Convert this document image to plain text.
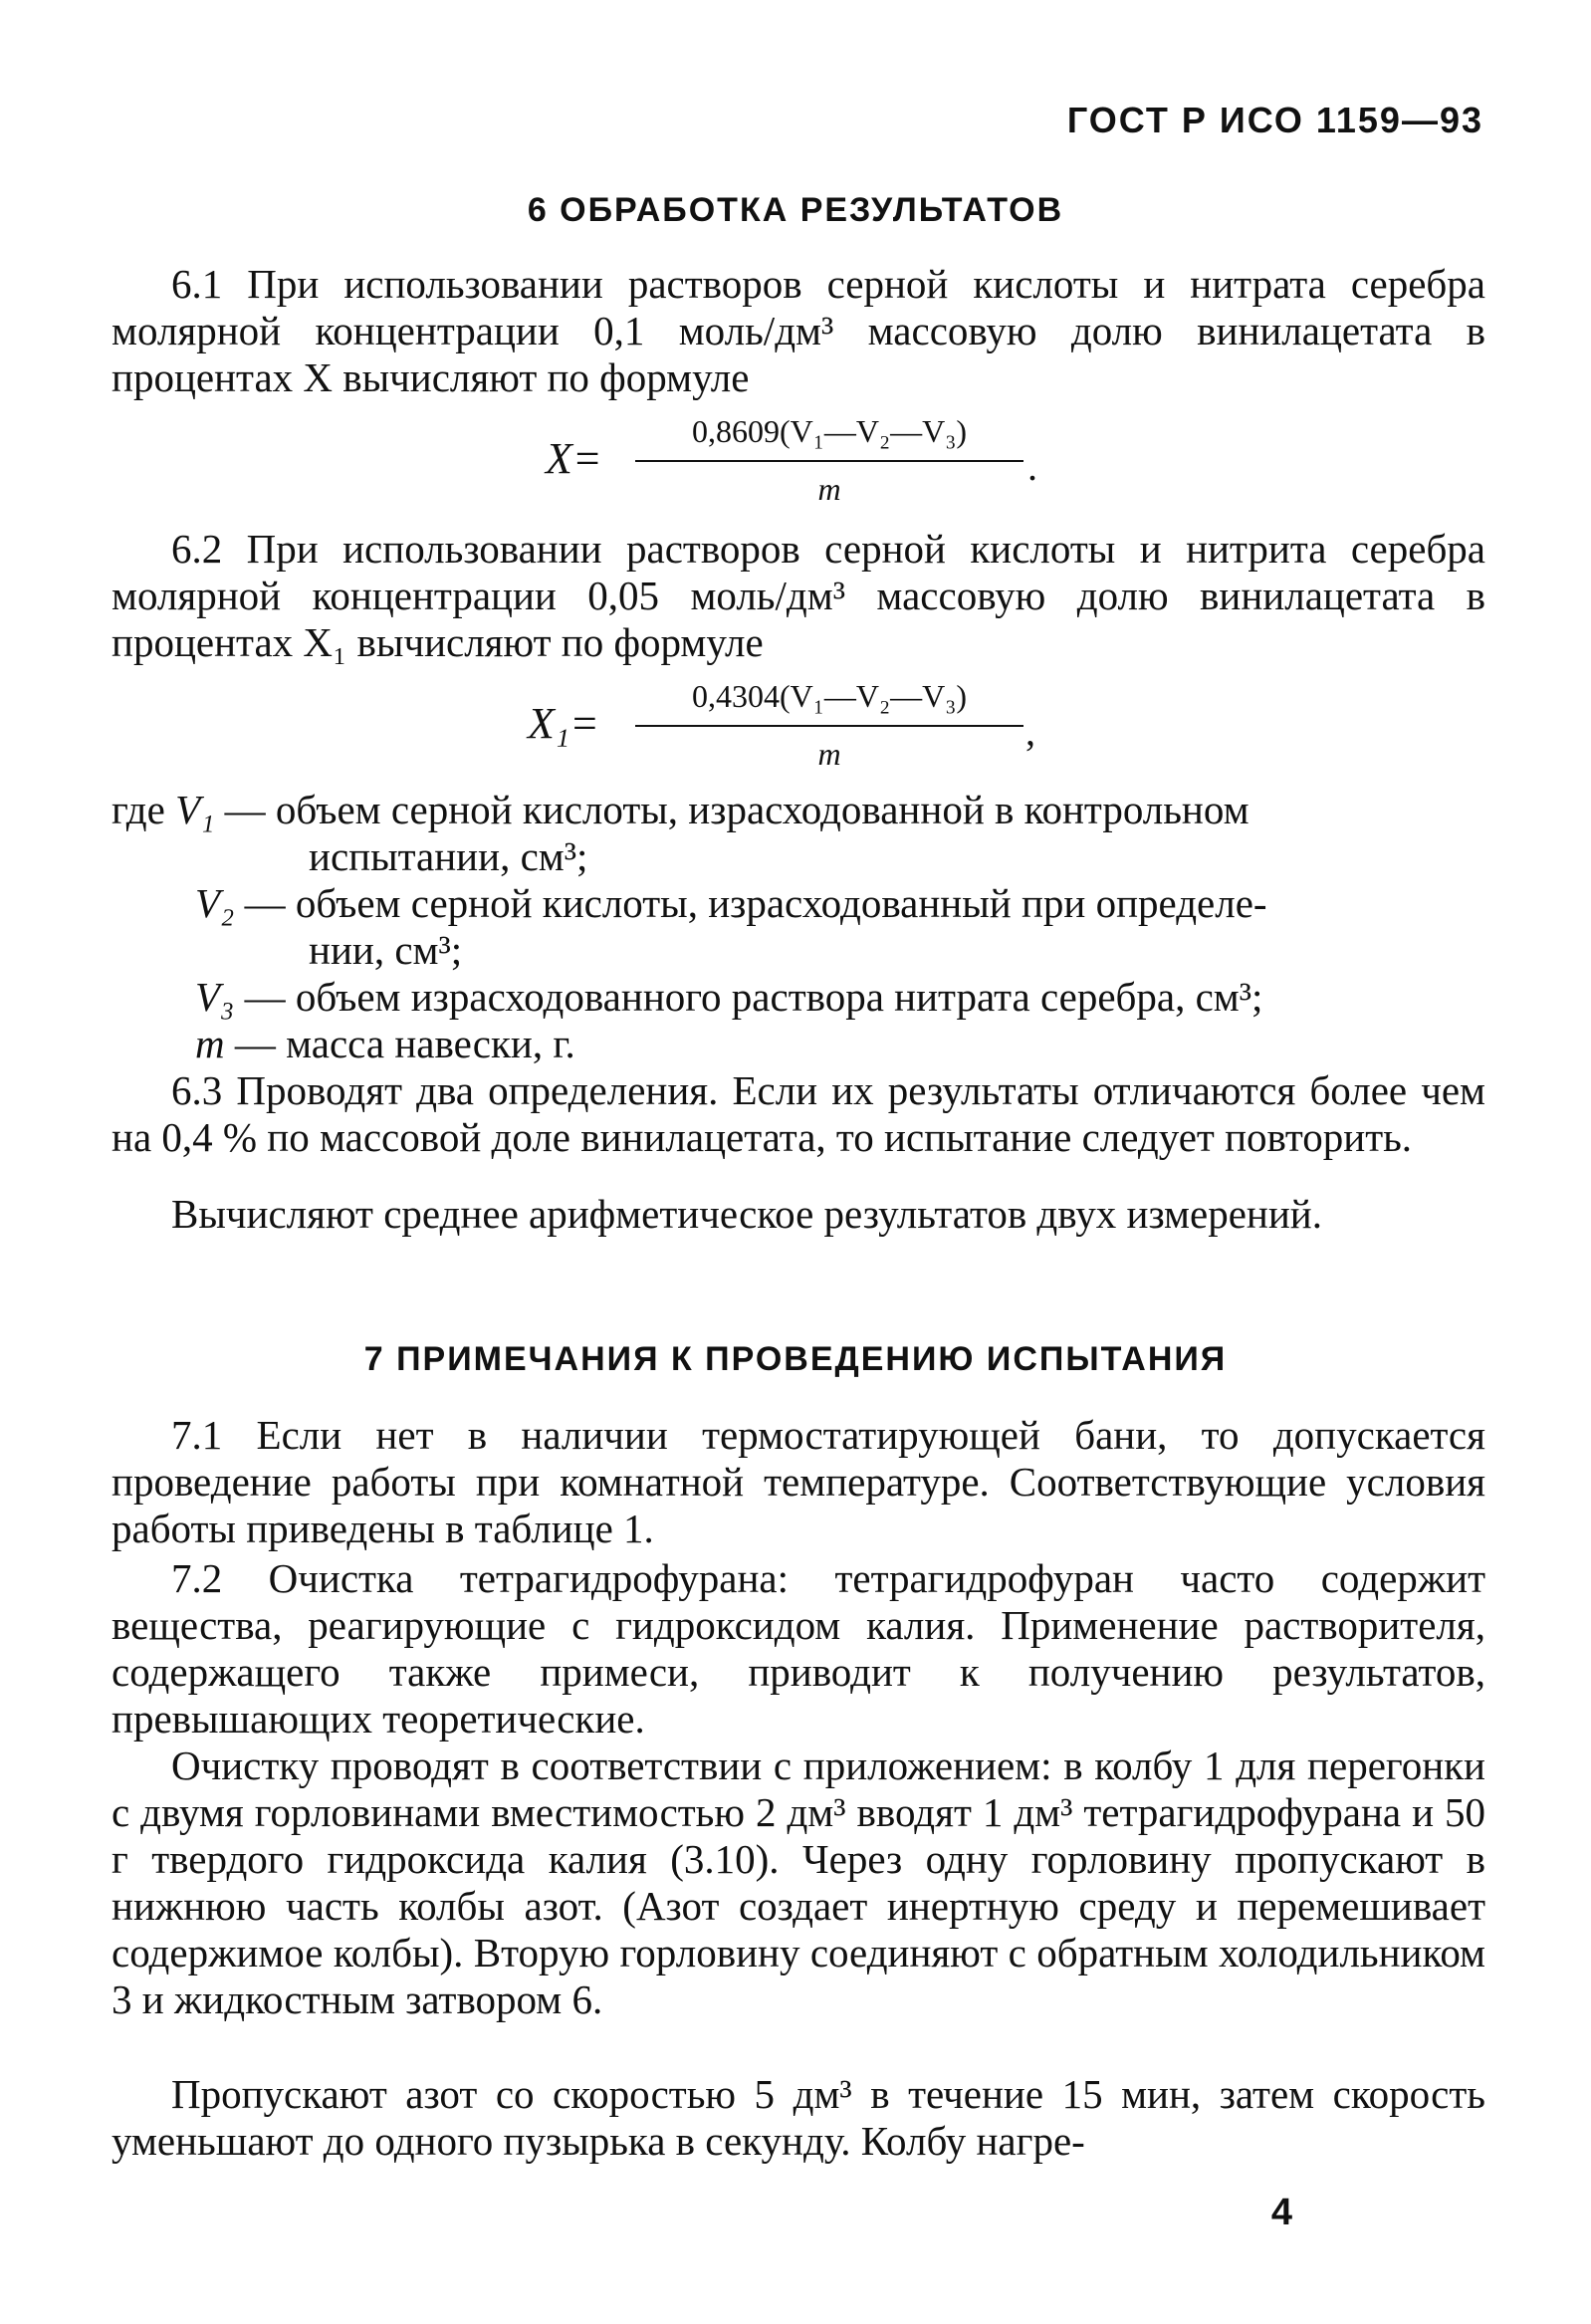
ГОСТ Р ИСО 1159—93
6 ОБРАБОТКА РЕЗУЛЬТАТОВ

6.1 При использовании растворов серной кислоты и нитрата серебра молярной концентрации 0,1 моль/дм³ массовую долю винилацетата в процентах X вычисляют по формуле

X=
0,8609(V₁—V₂—V₃)
m	.

6.2 При использовании растворов серной кислоты и нитрита серебра молярной концентрации 0,05 моль/дм³ массовую долю винилацетата в процентах X₁ вычисляют по формуле

X₁=
0,4304(V₁—V₂—V₃)
m	,
где V₁ — объем серной кислоты, израсходованной в контрольном
испытании, см³;
V₂ — объем серной кислоты, израсходованный при определе-
нии, см³;
V₃ — объем израсходованного раствора нитрата серебра, см³;
m — масса навески, г.

6.3 Проводят два определения. Если их результаты отличаются более чем на 0,4 % по массовой доле винилацетата, то испытание следует повторить.

Вычисляют среднее арифметическое результатов двух измерений.

7 ПРИМЕЧАНИЯ К ПРОВЕДЕНИЮ ИСПЫТАНИЯ

7.1 Если нет в наличии термостатирующей бани, то допускается проведение работы при комнатной температуре. Соответствующие условия работы приведены в таблице 1.

7.2 Очистка тетрагидрофурана: тетрагидрофуран часто содержит вещества, реагирующие с гидроксидом калия. Применение растворителя, содержащего также примеси, приводит к получению результатов, превышающих теоретические.

Очистку проводят в соответствии с приложением: в колбу 1 для перегонки с двумя горловинами вместимостью 2 дм³ вводят 1 дм³ тетрагидрофурана и 50 г твердого гидроксида калия (3.10). Через одну горловину пропускают в нижнюю часть колбы азот. (Азот создает инертную среду и перемешивает содержимое колбы). Вторую горловину соединяют с обратным холодильником 3 и жидкостным затвором 6.

Пропускают азот со скоростью 5 дм³ в течение 15 мин, затем скорость уменьшают до одного пузырька в секунду. Колбу нагре-

4
